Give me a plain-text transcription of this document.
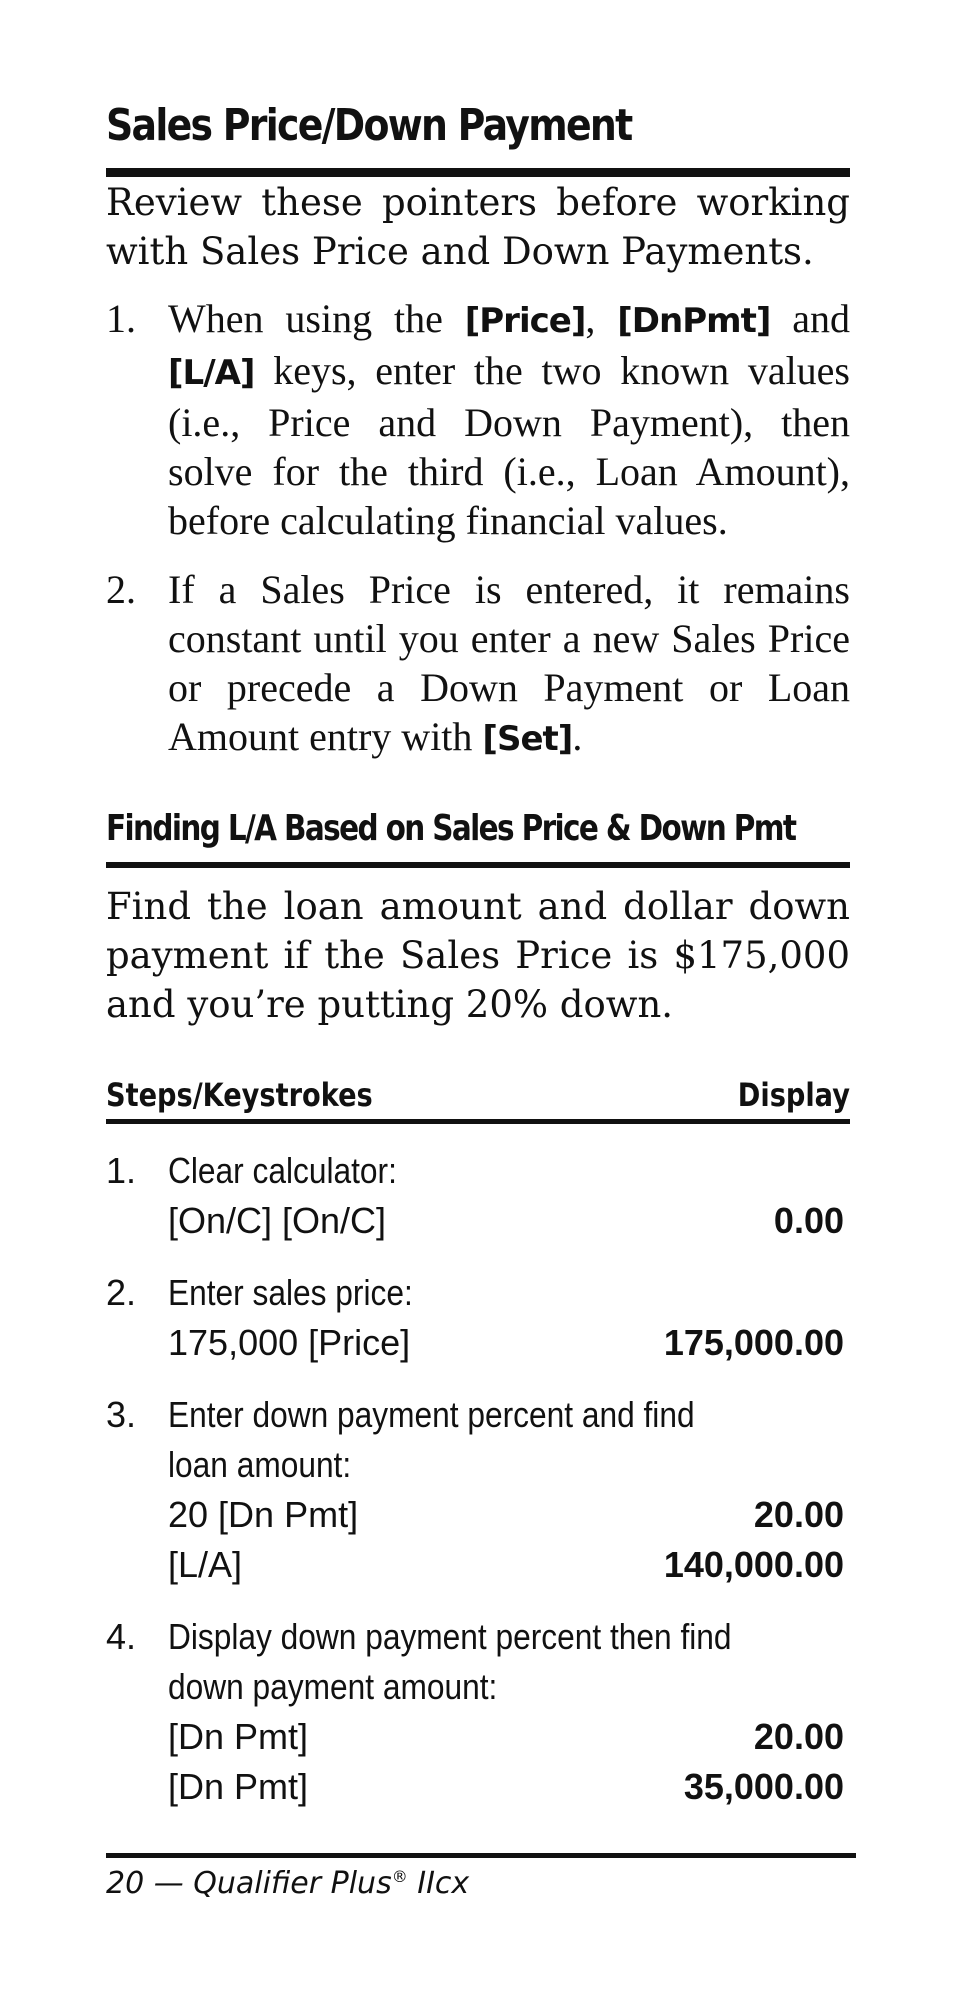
Sales Price/Down Payment
Review these pointers before working with Sales Price and Down Payments.
1. When using the [Price], [DnPmt] and [L/A] keys, enter the two known values (i.e., Price and Down Payment), then solve for the third (i.e., Loan Amount), before calculating financial values.
2. If a Sales Price is entered, it remains constant until you enter a new Sales Price or precede a Down Payment or Loan Amount entry with [Set].
Finding L/A Based on Sales Price & Down Pmt
Find the loan amount and dollar down payment if the Sales Price is $175,000 and you’re putting 20% down.
Steps/Keystrokes	Display
1. Clear calculator:
[On/C] [On/C]	0.00
2. Enter sales price:
175,000 [Price]	175,000.00
3. Enter down payment percent and find
loan amount:
20 [Dn Pmt]	20.00
[L/A]	140,000.00
4. Display down payment percent then find
down payment amount:
[Dn Pmt]	20.00
[Dn Pmt]	35,000.00
20 — Qualifier Plus® IIcx
